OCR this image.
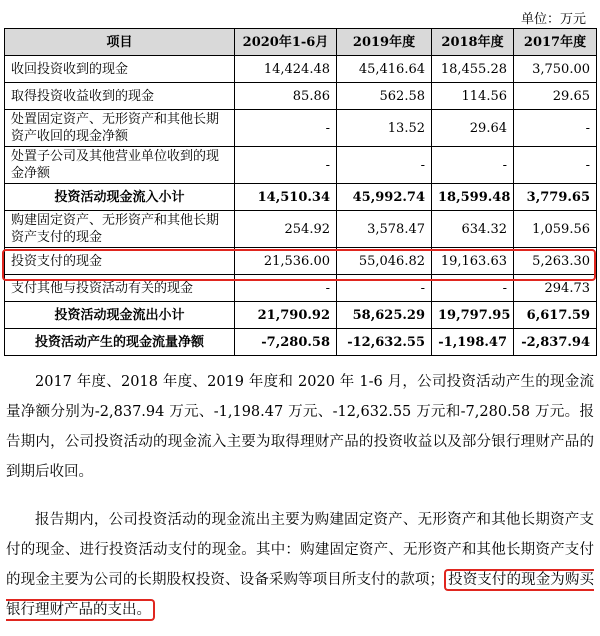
单位：万元
项目	2020年1-6月	2019年度	2018年度	2017年度
收回投资收到的现金	14,424.48	45,416.64	18,455.28	3,750.00
取得投资收益收到的现金	85.86	562.58	114.56	29.65
处置固定资产、无形资产和其他长期资产收回的现金净额	-	13.52	29.64	-
处置子公司及其他营业单位收到的现金净额	-	-	-	-
投资活动现金流入小计	14,510.34	45,992.74	18,599.48	3,779.65
购建固定资产、无形资产和其他长期资产支付的现金	254.92	3,578.47	634.32	1,059.56
投资支付的现金	21,536.00	55,046.82	19,163.63	5,263.30
支付其他与投资活动有关的现金	-	-	-	294.73
投资活动现金流出小计	21,790.92	58,625.29	19,797.95	6,617.59
投资活动产生的现金流量净额	-7,280.58	-12,632.55	-1,198.47	-2,837.94

2017 年度、2018 年度、2019 年度和 2020 年 1-6 月，公司投资活动产生的现金流量净额分别为-2,837.94 万元、-1,198.47 万元、-12,632.55 万元和-7,280.58 万元。报告期内，公司投资活动的现金流入主要为取得理财产品的投资收益以及部分银行理财产品的到期后收回。

报告期内，公司投资活动的现金流出主要为购建固定资产、无形资产和其他长期资产支付的现金、进行投资活动支付的现金。其中：购建固定资产、无形资产和其他长期资产支付的现金主要为公司的长期股权投资、设备采购等项目所支付的款项； 投资支付的现金为购买银行理财产品的支出。
